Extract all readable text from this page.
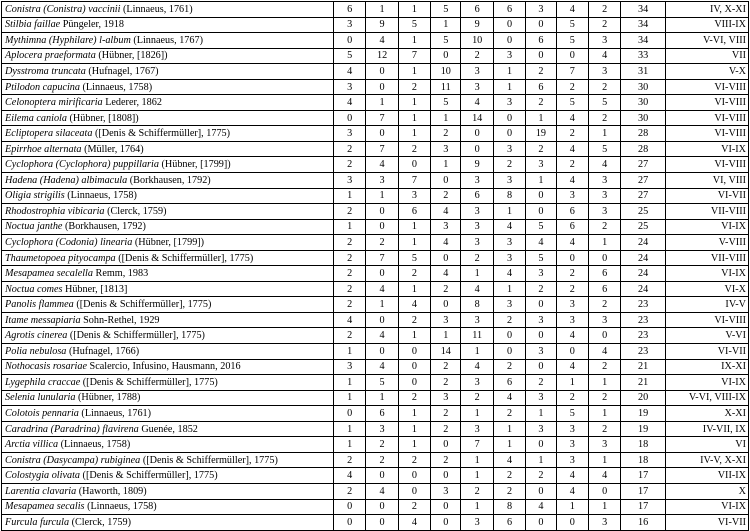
Conistra (Conistra) vaccinii (Linnaeus, 1761)	6	1	1	5	6	6	3	4	2	34	IV, X-XI
Stilbia faillae Püngeler, 1918	3	9	5	1	9	0	0	5	2	34	VIII-IX
Mythimna (Hyphilare) l-album (Linnaeus, 1767)	0	4	1	5	10	0	6	5	3	34	V-VI, VIII
Aplocera praeformata (Hübner, [1826])	5	12	7	0	2	3	0	0	4	33	VII
Dysstroma truncata (Hufnagel, 1767)	4	0	1	10	3	1	2	7	3	31	V-X
Ptilodon capucina (Linnaeus, 1758)	3	0	2	11	3	1	6	2	2	30	VI-VIII
Celonoptera mirificaria Lederer, 1862	4	1	1	5	4	3	2	5	5	30	VI-VIII
Eilema caniola (Hübner, [1808])	0	7	1	1	14	0	1	4	2	30	VI-VIII
Ecliptopera silaceata ([Denis & Schiffermüller], 1775)	3	0	1	2	0	0	19	2	1	28	VI-VIII
Epirrhoe alternata (Müller, 1764)	2	7	2	3	0	3	2	4	5	28	VI-IX
Cyclophora (Cyclophora) puppillaria (Hübner, [1799])	2	4	0	1	9	2	3	2	4	27	VI-VIII
Hadena (Hadena) albimacula (Borkhausen, 1792)	3	3	7	0	3	3	1	4	3	27	VI, VIII
Oligia strigilis (Linnaeus, 1758)	1	1	3	2	6	8	0	3	3	27	VI-VII
Rhodostrophia vibicaria (Clerck, 1759)	2	0	6	4	3	1	0	6	3	25	VII-VIII
Noctua janthe (Borkhausen, 1792)	1	0	1	3	3	4	5	6	2	25	VI-IX
Cyclophora (Codonia) linearia (Hübner, [1799])	2	2	1	4	3	3	4	4	1	24	V-VIII
Thaumetopoea pityocampa ([Denis & Schiffermüller], 1775)	2	7	5	0	2	3	5	0	0	24	VII-VIII
Mesapamea secalella Remm, 1983	2	0	2	4	1	4	3	2	6	24	VI-IX
Noctua comes Hübner, [1813]	2	4	1	2	4	1	2	2	6	24	VI-X
Panolis flammea ([Denis & Schiffermüller], 1775)	2	1	4	0	8	3	0	3	2	23	IV-V
Itame messapiaria Sohn-Rethel, 1929	4	0	2	3	3	2	3	3	3	23	VI-VIII
Agrotis cinerea ([Denis & Schiffermüller], 1775)	2	4	1	1	11	0	0	4	0	23	V-VI
Polia nebulosa (Hufnagel, 1766)	1	0	0	14	1	0	3	0	4	23	VI-VII
Nothocasis rosariae Scalercio, Infusino, Hausmann, 2016	3	4	0	2	4	2	0	4	2	21	IX-XI
Lygephila craccae ([Denis & Schiffermüller], 1775)	1	5	0	2	3	6	2	1	1	21	VI-IX
Selenia lunularia (Hübner, 1788)	1	1	2	3	2	4	3	2	2	20	V-VI, VIII-IX
Colotois pennaria (Linnaeus, 1761)	0	6	1	2	1	2	1	5	1	19	X-XI
Caradrina (Paradrina) flavirena Guenée, 1852	1	3	1	2	3	1	3	3	2	19	IV-VII, IX
Arctia villica (Linnaeus, 1758)	1	2	1	0	7	1	0	3	3	18	VI
Conistra (Dasycampa) rubiginea ([Denis & Schiffermüller], 1775)	2	2	2	2	1	4	1	3	1	18	IV-V, X-XI
Colostygia olivata ([Denis & Schiffermüller], 1775)	4	0	0	0	1	2	2	4	4	17	VII-IX
Larentia clavaria (Haworth, 1809)	2	4	0	3	2	2	0	4	0	17	X
Mesapamea secalis (Linnaeus, 1758)	0	0	2	0	1	8	4	1	1	17	VI-IX
Furcula furcula (Clerck, 1759)	0	0	4	0	3	6	0	0	3	16	VI-VII
